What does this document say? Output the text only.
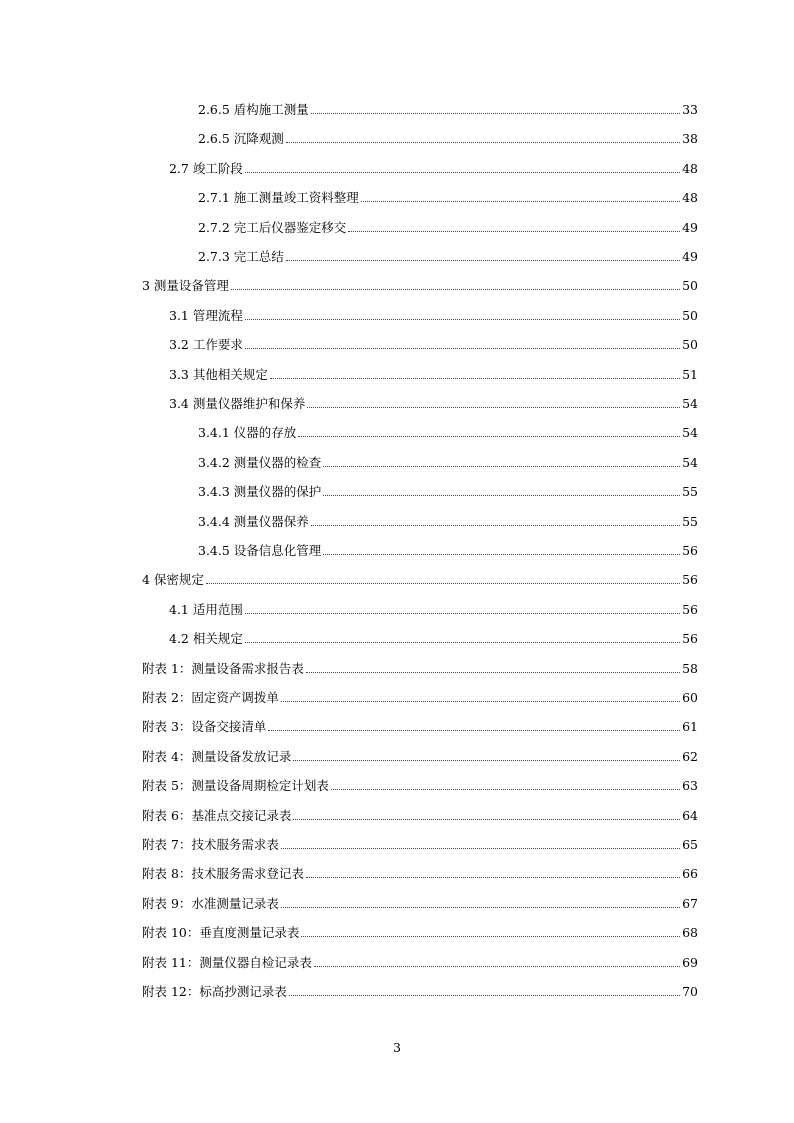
2.6.5 盾构施工测量	33
2.6.5 沉降观测	38
2.7 竣工阶段	48
2.7.1 施工测量竣工资料整理	48
2.7.2 完工后仪器鉴定移交	49
2.7.3 完工总结	49
3 测量设备管理	50
3.1 管理流程	50
3.2 工作要求	50
3.3 其他相关规定	51
3.4 测量仪器维护和保养	54
3.4.1 仪器的存放	54
3.4.2 测量仪器的检查	54
3.4.3 测量仪器的保护	55
3.4.4 测量仪器保养	55
3.4.5 设备信息化管理	56
4 保密规定	56
4.1 适用范围	56
4.2 相关规定	56
附表 1：测量设备需求报告表	58
附表 2：固定资产调拨单	60
附表 3：设备交接清单	61
附表 4：测量设备发放记录	62
附表 5：测量设备周期检定计划表	63
附表 6：基准点交接记录表	64
附表 7：技术服务需求表	65
附表 8：技术服务需求登记表	66
附表 9：水准测量记录表	67
附表 10：垂直度测量记录表	68
附表 11：测量仪器自检记录表	69
附表 12：标高抄测记录表	70
3
